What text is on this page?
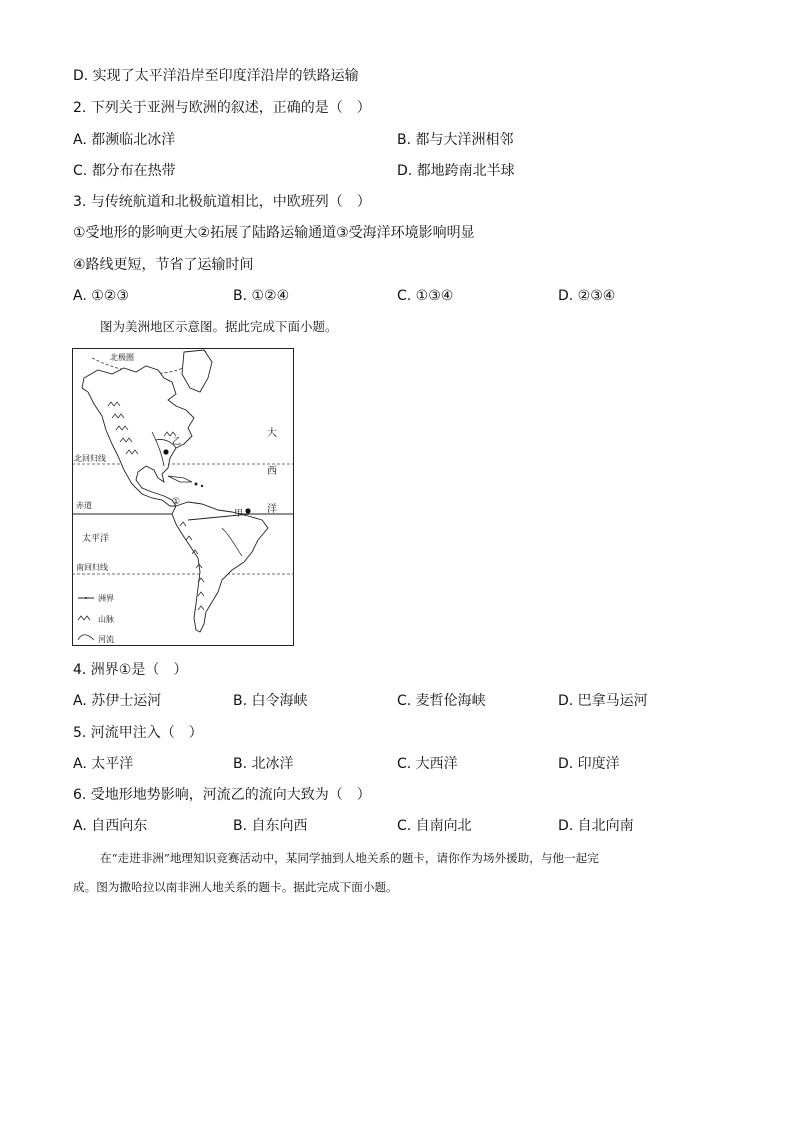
D. 实现了太平洋沿岸至印度洋沿岸的铁路运输
2. 下列关于亚洲与欧洲的叙述，正确的是（　）
A. 都濒临北冰洋	B. 都与大洋洲相邻
C. 都分布在热带	D. 都地跨南北半球
3. 与传统航道和北极航道相比，中欧班列（　）
①受地形的影响更大②拓展了陆路运输通道③受海洋环境影响明显
④路线更短，节省了运输时间
A. ①②③	B. ①②④	C. ①③④	D. ②③④
图为美洲地区示意图。据此完成下面小题。
北极圈
北回归线
赤道
南回归线
太平洋
大
西
洋
甲
乙
①
洲界
山脉
河流
4. 洲界①是（　）
A. 苏伊士运河	B. 白令海峡	C. 麦哲伦海峡	D. 巴拿马运河
5. 河流甲注入（　）
A. 太平洋	B. 北冰洋	C. 大西洋	D. 印度洋
6. 受地形地势影响，河流乙的流向大致为（　）
A. 自西向东	B. 自东向西	C. 自南向北	D. 自北向南
在“走进非洲”地理知识竞赛活动中，某同学抽到人地关系的题卡，请你作为场外援助，与他一起完
成。图为撒哈拉以南非洲人地关系的题卡。据此完成下面小题。
